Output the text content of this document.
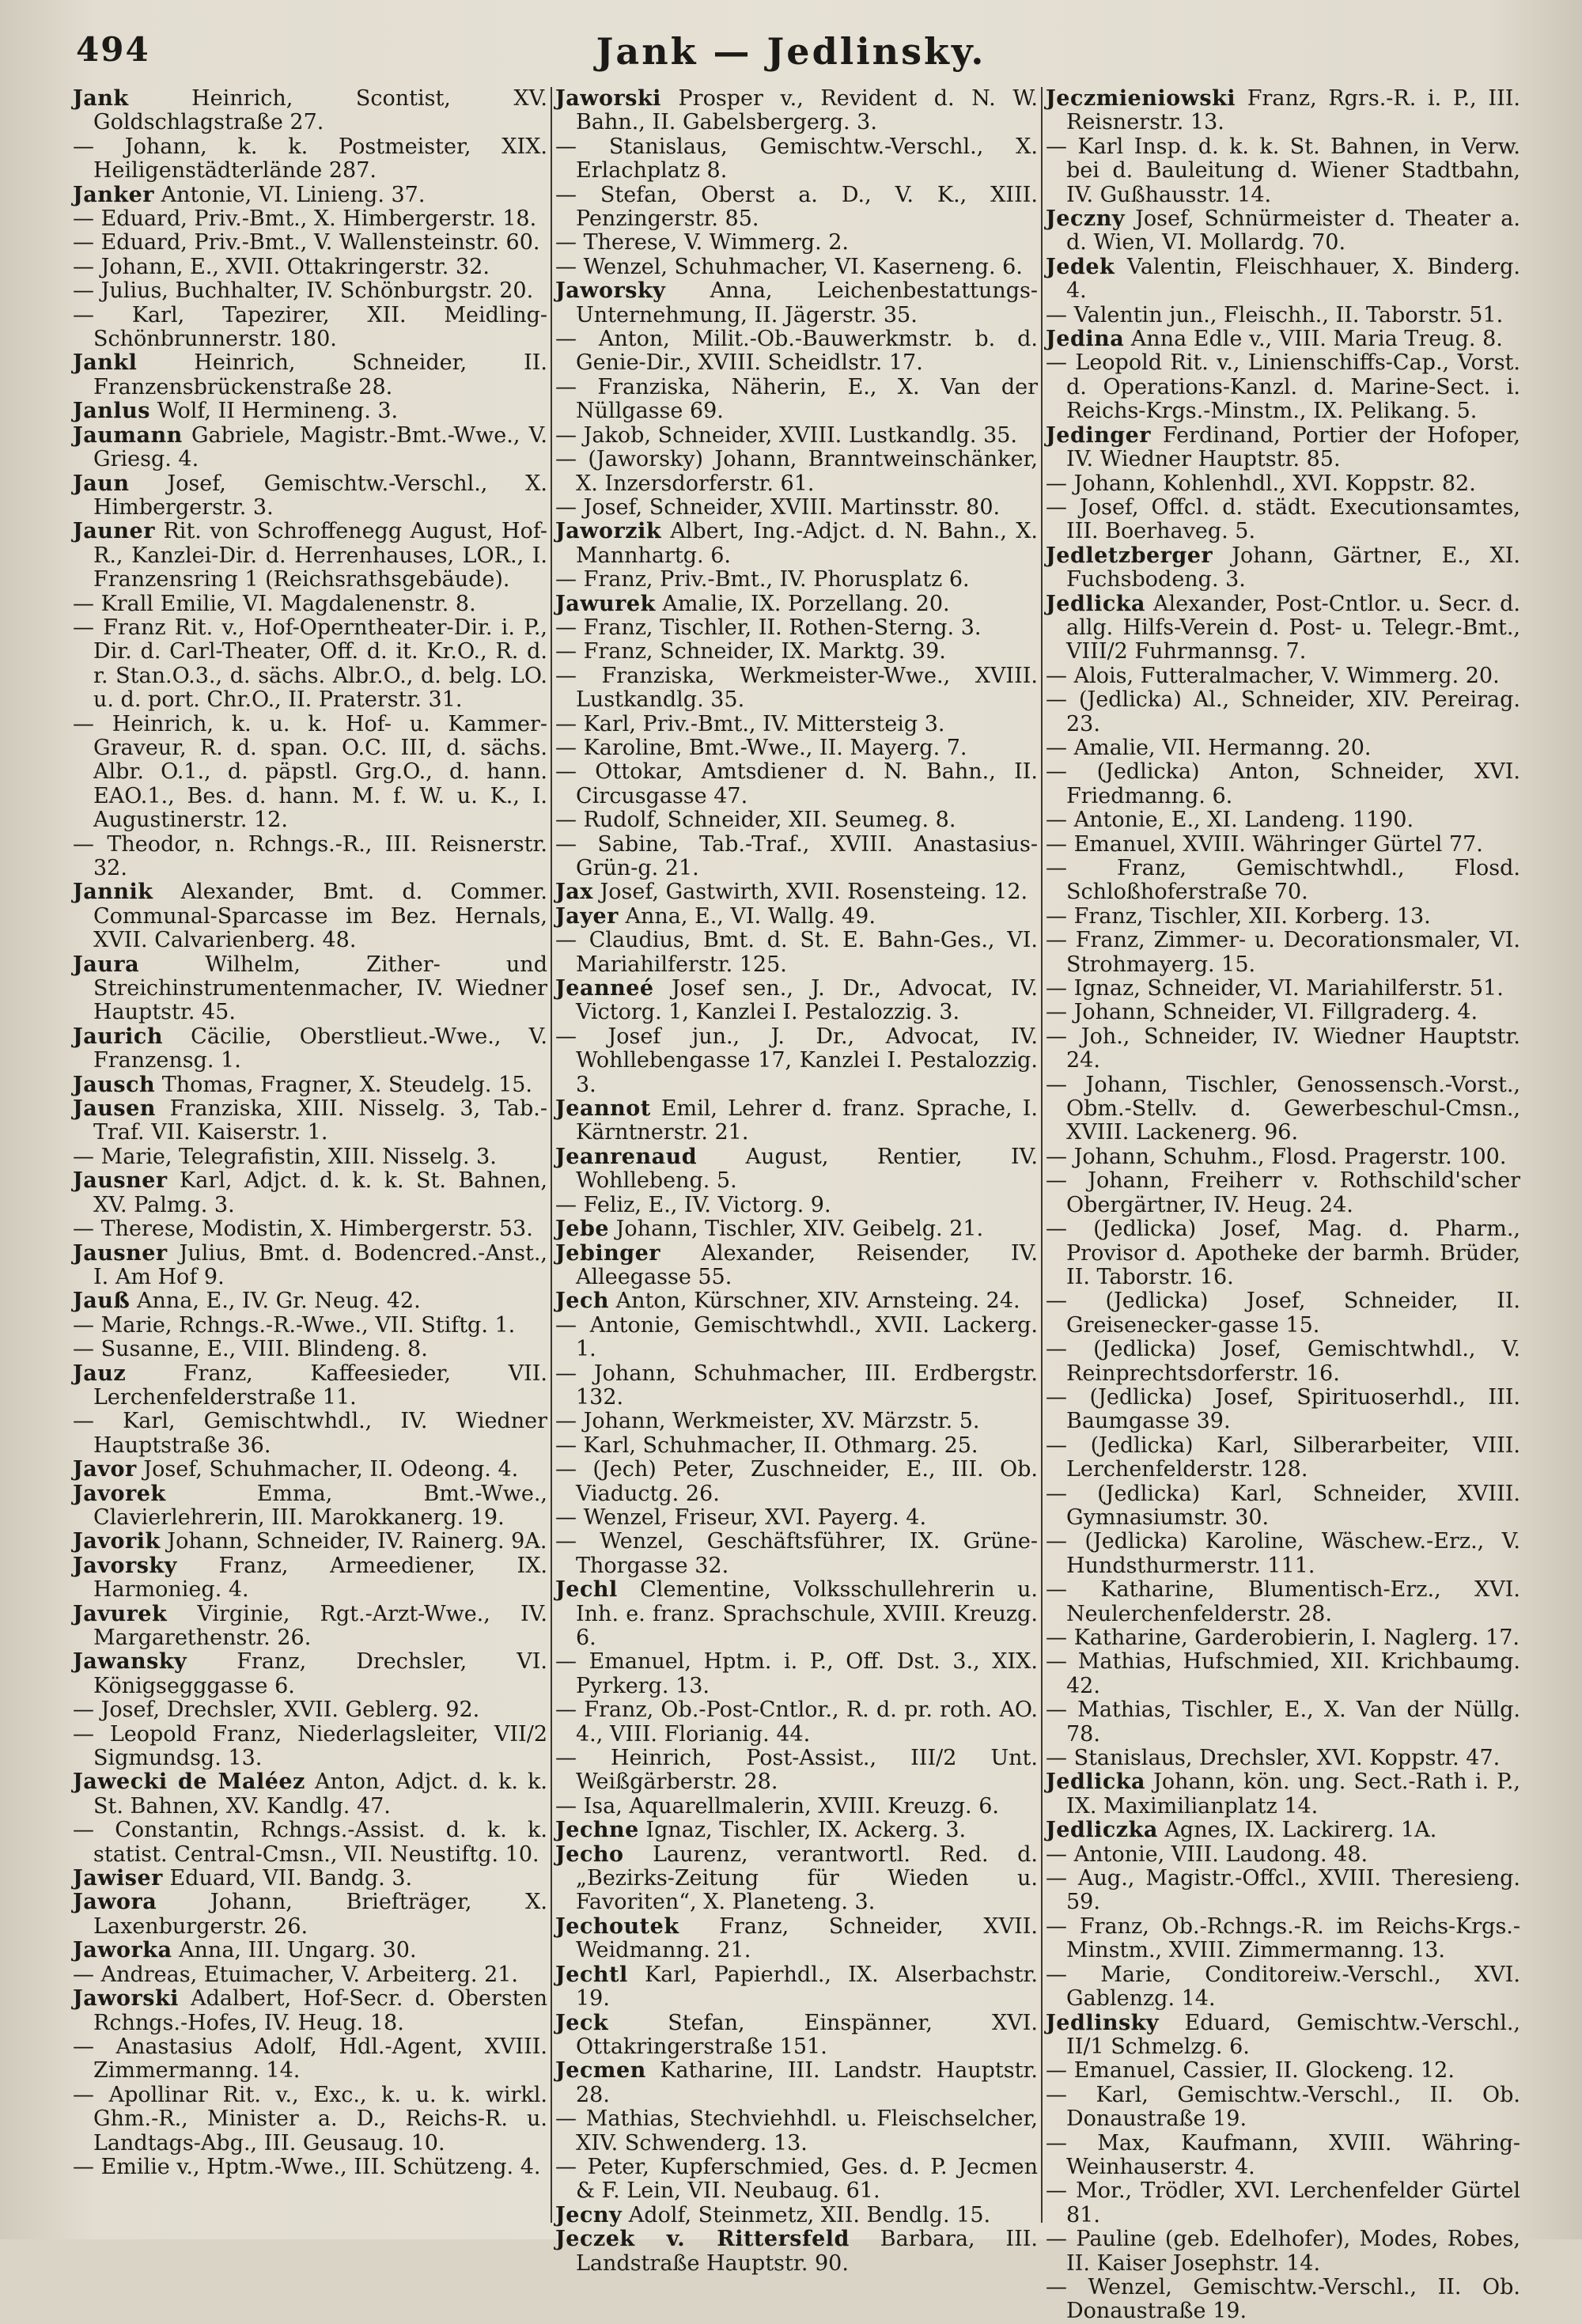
494	Jank — Jedlinsky.

Jank Heinrich, Scontist, XV. Goldschlagstraße 27.

— Johann, k. k. Postmeister, XIX. Heiligenstädterlände 287.

Janker Antonie, VI. Linieng. 37.

— Eduard, Priv.-Bmt., X. Himbergerstr. 18.

— Eduard, Priv.-Bmt., V. Wallensteinstr. 60.

— Johann, E., XVII. Ottakringerstr. 32.

— Julius, Buchhalter, IV. Schönburgstr. 20.

— Karl, Tapezirer, XII. Meidling-Schönbrunnerstr. 180.

Jankl Heinrich, Schneider, II. Franzensbrückenstraße 28.

Janlus Wolf, II Hermineng. 3.

Jaumann Gabriele, Magistr.-Bmt.-Wwe., V. Griesg. 4.

Jaun Josef, Gemischtw.-Verschl., X. Himbergerstr. 3.

Jauner Rit. von Schroffenegg August, Hof-R., Kanzlei-Dir. d. Herrenhauses, LOR., I. Franzensring 1 (Reichsrathsgebäude).

— Krall Emilie, VI. Magdalenenstr. 8.

— Franz Rit. v., Hof-Operntheater-Dir. i. P., Dir. d. Carl-Theater, Off. d. it. Kr.O., R. d. r. Stan.O.3., d. sächs. Albr.O., d. belg. LO. u. d. port. Chr.O., II. Praterstr. 31.

— Heinrich, k. u. k. Hof- u. Kammer-Graveur, R. d. span. O.C. III, d. sächs. Albr. O.1., d. päpstl. Grg.O., d. hann. EAO.1., Bes. d. hann. M. f. W. u. K., I. Augustinerstr. 12.

— Theodor, n. Rchngs.-R., III. Reisnerstr. 32.

Jannik Alexander, Bmt. d. Commer. Communal-Sparcasse im Bez. Hernals, XVII. Calvarienberg. 48.

Jaura Wilhelm, Zither- und Streichinstrumentenmacher, IV. Wiedner Hauptstr. 45.

Jaurich Cäcilie, Oberstlieut.-Wwe., V. Franzensg. 1.

Jausch Thomas, Fragner, X. Steudelg. 15.

Jausen Franziska, XIII. Nisselg. 3, Tab.-Traf. VII. Kaiserstr. 1.

— Marie, Telegrafistin, XIII. Nisselg. 3.

Jausner Karl, Adjct. d. k. k. St. Bahnen, XV. Palmg. 3.

— Therese, Modistin, X. Himbergerstr. 53.

Jausner Julius, Bmt. d. Bodencred.-Anst., I. Am Hof 9.

Jauß Anna, E., IV. Gr. Neug. 42.

— Marie, Rchngs.-R.-Wwe., VII. Stiftg. 1.

— Susanne, E., VIII. Blindeng. 8.

Jauz Franz, Kaffeesieder, VII. Lerchenfelderstraße 11.

— Karl, Gemischtwhdl., IV. Wiedner Hauptstraße 36.

Javor Josef, Schuhmacher, II. Odeong. 4.

Javorek Emma, Bmt.-Wwe., Clavierlehrerin, III. Marokkanerg. 19.

Javorik Johann, Schneider, IV. Rainerg. 9A.

Javorsky Franz, Armeediener, IX. Harmonieg. 4.

Javurek Virginie, Rgt.-Arzt-Wwe., IV. Margarethenstr. 26.

Jawansky Franz, Drechsler, VI. Königsegggasse 6.

— Josef, Drechsler, XVII. Geblerg. 92.

— Leopold Franz, Niederlagsleiter, VII/2 Sigmundsg. 13.

Jawecki de Maléez Anton, Adjct. d. k. k. St. Bahnen, XV. Kandlg. 47.

— Constantin, Rchngs.-Assist. d. k. k. statist. Central-Cmsn., VII. Neustiftg. 10.

Jawiser Eduard, VII. Bandg. 3.

Jawora Johann, Briefträger, X. Laxenburgerstr. 26.

Jaworka Anna, III. Ungarg. 30.

— Andreas, Etuimacher, V. Arbeiterg. 21.

Jaworski Adalbert, Hof-Secr. d. Obersten Rchngs.-Hofes, IV. Heug. 18.

— Anastasius Adolf, Hdl.-Agent, XVIII. Zimmermanng. 14.

— Apollinar Rit. v., Exc., k. u. k. wirkl. Ghm.-R., Minister a. D., Reichs-R. u. Landtags-Abg., III. Geusaug. 10.

— Emilie v., Hptm.-Wwe., III. Schützeng. 4.

Jaworski Prosper v., Revident d. N. W. Bahn., II. Gabelsbergerg. 3.

— Stanislaus, Gemischtw.-Verschl., X. Erlachplatz 8.

— Stefan, Oberst a. D., V. K., XIII. Penzingerstr. 85.

— Therese, V. Wimmerg. 2.

— Wenzel, Schuhmacher, VI. Kaserneng. 6.

Jaworsky Anna, Leichenbestattungs-Unternehmung, II. Jägerstr. 35.

— Anton, Milit.-Ob.-Bauwerkmstr. b. d. Genie-Dir., XVIII. Scheidlstr. 17.

— Franziska, Näherin, E., X. Van der Nüllgasse 69.

— Jakob, Schneider, XVIII. Lustkandlg. 35.

— (Jaworsky) Johann, Branntweinschänker, X. Inzersdorferstr. 61.

— Josef, Schneider, XVIII. Martinsstr. 80.

Jaworzik Albert, Ing.-Adjct. d. N. Bahn., X. Mannhartg. 6.

— Franz, Priv.-Bmt., IV. Phorusplatz 6.

Jawurek Amalie, IX. Porzellang. 20.

— Franz, Tischler, II. Rothen-Sterng. 3.

— Franz, Schneider, IX. Marktg. 39.

— Franziska, Werkmeister-Wwe., XVIII. Lustkandlg. 35.

— Karl, Priv.-Bmt., IV. Mittersteig 3.

— Karoline, Bmt.-Wwe., II. Mayerg. 7.

— Ottokar, Amtsdiener d. N. Bahn., II. Circusgasse 47.

— Rudolf, Schneider, XII. Seumeg. 8.

— Sabine, Tab.-Traf., XVIII. Anastasius-Grün-g. 21.

Jax Josef, Gastwirth, XVII. Rosensteing. 12.

Jayer Anna, E., VI. Wallg. 49.

— Claudius, Bmt. d. St. E. Bahn-Ges., VI. Mariahilferstr. 125.

Jeanneé Josef sen., J. Dr., Advocat, IV. Victorg. 1, Kanzlei I. Pestalozzig. 3.

— Josef jun., J. Dr., Advocat, IV. Wohllebengasse 17, Kanzlei I. Pestalozzig. 3.

Jeannot Emil, Lehrer d. franz. Sprache, I. Kärntnerstr. 21.

Jeanrenaud August, Rentier, IV. Wohllebeng. 5.

— Feliz, E., IV. Victorg. 9.

Jebe Johann, Tischler, XIV. Geibelg. 21.

Jebinger Alexander, Reisender, IV. Alleegasse 55.

Jech Anton, Kürschner, XIV. Arnsteing. 24.

— Antonie, Gemischtwhdl., XVII. Lackerg. 1.

— Johann, Schuhmacher, III. Erdbergstr. 132.

— Johann, Werkmeister, XV. Märzstr. 5.

— Karl, Schuhmacher, II. Othmarg. 25.

— (Jech) Peter, Zuschneider, E., III. Ob. Viaductg. 26.

— Wenzel, Friseur, XVI. Payerg. 4.

— Wenzel, Geschäftsführer, IX. Grüne-Thorgasse 32.

Jechl Clementine, Volksschullehrerin u. Inh. e. franz. Sprachschule, XVIII. Kreuzg. 6.

— Emanuel, Hptm. i. P., Off. Dst. 3., XIX. Pyrkerg. 13.

— Franz, Ob.-Post-Cntlor., R. d. pr. roth. AO. 4., VIII. Florianig. 44.

— Heinrich, Post-Assist., III/2 Unt. Weißgärberstr. 28.

— Isa, Aquarellmalerin, XVIII. Kreuzg. 6.

Jechne Ignaz, Tischler, IX. Ackerg. 3.

Jecho Laurenz, verantwortl. Red. d. „Bezirks-Zeitung für Wieden u. Favoriten“, X. Planeteng. 3.

Jechoutek Franz, Schneider, XVII. Weidmanng. 21.

Jechtl Karl, Papierhdl., IX. Alserbachstr. 19.

Jeck Stefan, Einspänner, XVI. Ottakringerstraße 151.

Jecmen Katharine, III. Landstr. Hauptstr. 28.

— Mathias, Stechviehhdl. u. Fleischselcher, XIV. Schwenderg. 13.

— Peter, Kupferschmied, Ges. d. P. Jecmen & F. Lein, VII. Neubaug. 61.

Jecny Adolf, Steinmetz, XII. Bendlg. 15.

Jeczek v. Rittersfeld Barbara, III. Landstraße Hauptstr. 90.

Jeczmieniowski Franz, Rgrs.-R. i. P., III. Reisnerstr. 13.

— Karl Insp. d. k. k. St. Bahnen, in Verw. bei d. Bauleitung d. Wiener Stadtbahn, IV. Gußhausstr. 14.

Jeczny Josef, Schnürmeister d. Theater a. d. Wien, VI. Mollardg. 70.

Jedek Valentin, Fleischhauer, X. Binderg. 4.

— Valentin jun., Fleischh., II. Taborstr. 51.

Jedina Anna Edle v., VIII. Maria Treug. 8.

— Leopold Rit. v., Linienschiffs-Cap., Vorst. d. Operations-Kanzl. d. Marine-Sect. i. Reichs-Krgs.-Minstm., IX. Pelikang. 5.

Jedinger Ferdinand, Portier der Hofoper, IV. Wiedner Hauptstr. 85.

— Johann, Kohlenhdl., XVI. Koppstr. 82.

— Josef, Offcl. d. städt. Executionsamtes, III. Boerhaveg. 5.

Jedletzberger Johann, Gärtner, E., XI. Fuchsbodeng. 3.

Jedlicka Alexander, Post-Cntlor. u. Secr. d. allg. Hilfs-Verein d. Post- u. Telegr.-Bmt., VIII/2 Fuhrmannsg. 7.

— Alois, Futteralmacher, V. Wimmerg. 20.

— (Jedlicka) Al., Schneider, XIV. Pereirag. 23.

— Amalie, VII. Hermanng. 20.

— (Jedlicka) Anton, Schneider, XVI. Friedmanng. 6.

— Antonie, E., XI. Landeng. 1190.

— Emanuel, XVIII. Währinger Gürtel 77.

— Franz, Gemischtwhdl., Flosd. Schloßhoferstraße 70.

— Franz, Tischler, XII. Korberg. 13.

— Franz, Zimmer- u. Decorationsmaler, VI. Strohmayerg. 15.

— Ignaz, Schneider, VI. Mariahilferstr. 51.

— Johann, Schneider, VI. Fillgraderg. 4.

— Joh., Schneider, IV. Wiedner Hauptstr. 24.

— Johann, Tischler, Genossensch.-Vorst., Obm.-Stellv. d. Gewerbeschul-Cmsn., XVIII. Lackenerg. 96.

— Johann, Schuhm., Flosd. Pragerstr. 100.

— Johann, Freiherr v. Rothschild'scher Obergärtner, IV. Heug. 24.

— (Jedlicka) Josef, Mag. d. Pharm., Provisor d. Apotheke der barmh. Brüder, II. Taborstr. 16.

— (Jedlicka) Josef, Schneider, II. Greisenecker-gasse 15.

— (Jedlicka) Josef, Gemischtwhdl., V. Reinprechtsdorferstr. 16.

— (Jedlicka) Josef, Spirituoserhdl., III. Baumgasse 39.

— (Jedlicka) Karl, Silberarbeiter, VIII. Lerchenfelderstr. 128.

— (Jedlicka) Karl, Schneider, XVIII. Gymnasiumstr. 30.

— (Jedlicka) Karoline, Wäschew.-Erz., V. Hundsthurmerstr. 111.

— Katharine, Blumentisch-Erz., XVI. Neulerchenfelderstr. 28.

— Katharine, Garderobierin, I. Naglerg. 17.

— Mathias, Hufschmied, XII. Krichbaumg. 42.

— Mathias, Tischler, E., X. Van der Nüllg. 78.

— Stanislaus, Drechsler, XVI. Koppstr. 47.

Jedlicka Johann, kön. ung. Sect.-Rath i. P., IX. Maximilianplatz 14.

Jedliczka Agnes, IX. Lackirerg. 1A.

— Antonie, VIII. Laudong. 48.

— Aug., Magistr.-Offcl., XVIII. Theresieng. 59.

— Franz, Ob.-Rchngs.-R. im Reichs-Krgs.-Minstm., XVIII. Zimmermanng. 13.

— Marie, Conditoreiw.-Verschl., XVI. Gablenzg. 14.

Jedlinsky Eduard, Gemischtw.-Verschl., II/1 Schmelzg. 6.

— Emanuel, Cassier, II. Glockeng. 12.

— Karl, Gemischtw.-Verschl., II. Ob. Donaustraße 19.

— Max, Kaufmann, XVIII. Währing-Weinhauserstr. 4.

— Mor., Trödler, XVI. Lerchenfelder Gürtel 81.

— Pauline (geb. Edelhofer), Modes, Robes, II. Kaiser Josephstr. 14.

— Wenzel, Gemischtw.-Verschl., II. Ob. Donaustraße 19.
